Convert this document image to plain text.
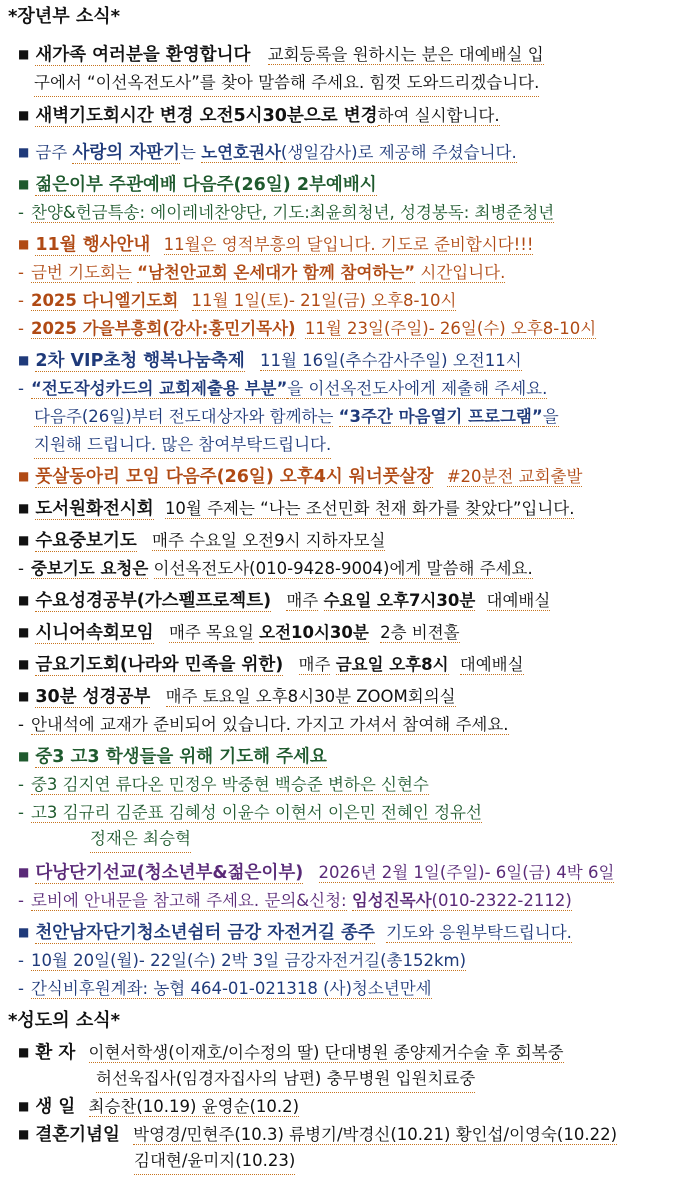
*장년부 소식*
■ 새가족 여러분을 환영합니다 교회등록을 원하시는 분은 대예배실 입
구에서 “이선옥전도사”를 찾아 말씀해 주세요. 힘껏 도와드리겠습니다.
■ 새벽기도회시간 변경 오전5시30분으로 변경하여 실시합니다.
■ 금주 사랑의 자판기는 노연호권사(생일감사)로 제공해 주셨습니다.
■ 젊은이부 주관예배 다음주(26일) 2부예배시
- 찬양&헌금특송: 에이레네찬양단, 기도:최윤희청년, 성경봉독: 최병준청년
■ 11월 행사안내 11월은 영적부흥의 달입니다. 기도로 준비합시다!!!
- 금번 기도회는 “남천안교회 온세대가 함께 참여하는” 시간입니다.
- 2025 다니엘기도회 11월 1일(토)- 21일(금) 오후8-10시
- 2025 가을부흥회(강사:홍민기목사) 11월 23일(주일)- 26일(수) 오후8-10시
■ 2차 VIP초청 행복나눔축제 11월 16일(추수감사주일) 오전11시
- “전도작성카드의 교회제출용 부분”을 이선옥전도사에게 제출해 주세요.
다음주(26일)부터 전도대상자와 함께하는 “3주간 마음열기 프로그램”을
지원해 드립니다. 많은 참여부탁드립니다.
■ 풋살동아리 모임 다음주(26일) 오후4시 워너풋살장 #20분전 교회출발
■ 도서원화전시회 10월 주제는 “나는 조선민화 천재 화가를 찾았다”입니다.
■ 수요중보기도 매주 수요일 오전9시 지하자모실
- 중보기도 요청은 이선옥전도사(010-9428-9004)에게 말씀해 주세요.
■ 수요성경공부(가스펠프로젝트) 매주 수요일 오후7시30분 대예배실
■ 시니어속회모임 매주 목요일 오전10시30분 2층 비젼홀
■ 금요기도회(나라와 민족을 위한) 매주 금요일 오후8시 대예배실
■ 30분 성경공부 매주 토요일 오후8시30분 ZOOM회의실
- 안내석에 교재가 준비되어 있습니다. 가지고 가셔서 참여해 주세요.
■ 중3 고3 학생들을 위해 기도해 주세요
- 중3 김지연 류다온 민정우 박중현 백승준 변하은 신현수
- 고3 김규리 김준표 김혜성 이윤수 이현서 이은민 전혜인 정유선
정재은 최승혁
■ 다낭단기선교(청소년부&젊은이부) 2026년 2월 1일(주일)- 6일(금) 4박 6일
- 로비에 안내문을 참고해 주세요. 문의&신청: 임성진목사(010-2322-2112)
■ 천안남자단기청소년쉼터 금강 자전거길 종주 기도와 응원부탁드립니다.
- 10월 20일(월)- 22일(수) 2박 3일 금강자전거길(총152km)
- 간식비후원계좌: 농협 464-01-021318 (사)청소년만세
*성도의 소식*
■ 환 자 이현서학생(이재호/이수정의 딸) 단대병원 종양제거수술 후 회복중
허선욱집사(임경자집사의 남편) 충무병원 입원치료중
■ 생 일 최승찬(10.19) 윤영순(10.2)
■ 결혼기념일 박영경/민현주(10.3) 류병기/박경신(10.21) 황인섭/이영숙(10.22)
김대현/윤미지(10.23)
